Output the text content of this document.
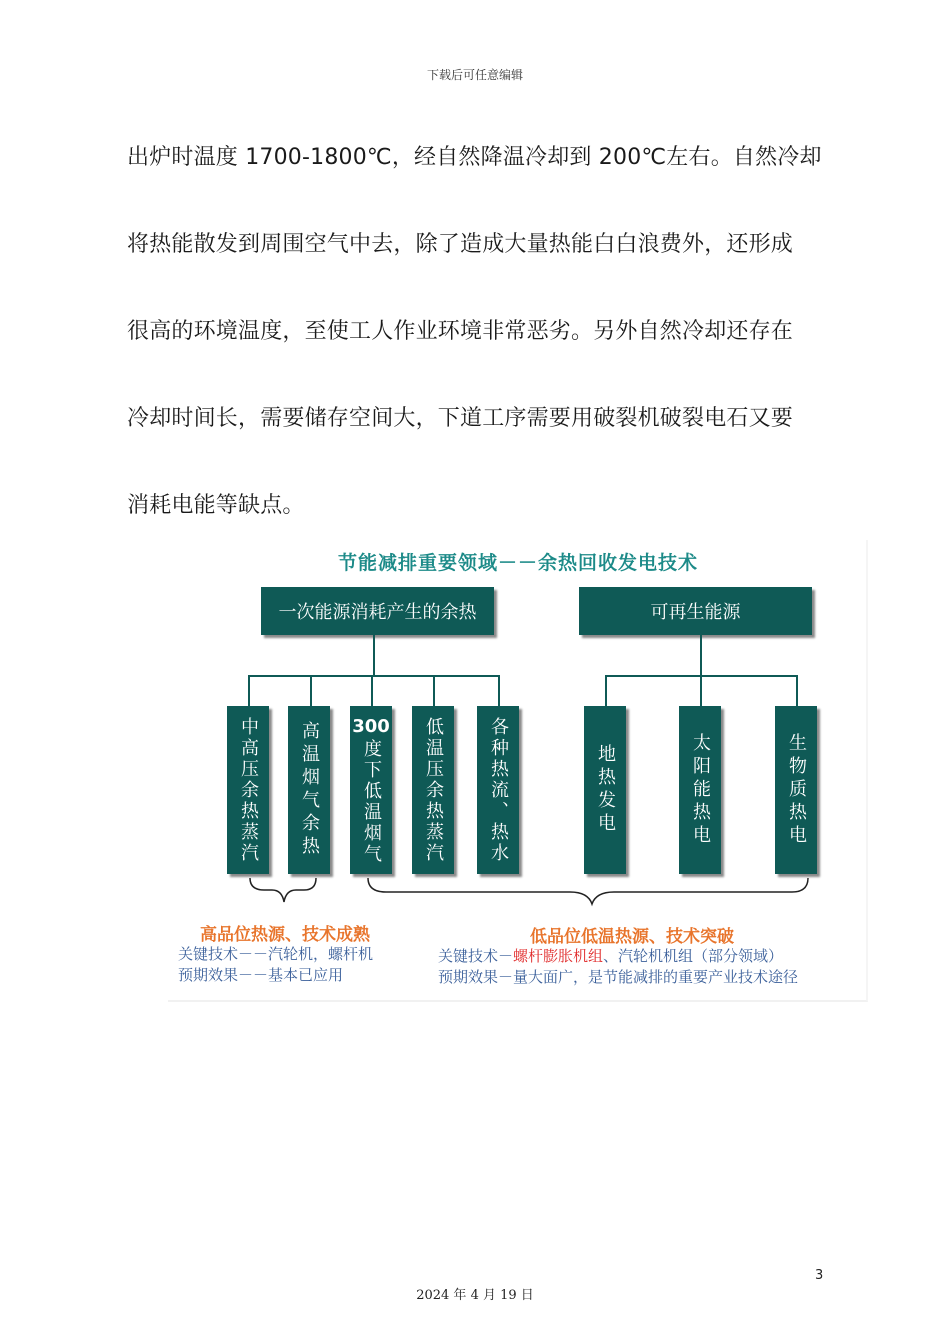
下载后可任意编辑
出炉时温度 1700-1800℃，经自然降温冷却到 200℃左右。自然冷却
将热能散发到周围空气中去，除了造成大量热能白白浪费外，还形成
很高的环境温度，至使工人作业环境非常恶劣。另外自然冷却还存在
冷却时间长，需要储存空间大，下道工序需要用破裂机破裂电石又要
消耗电能等缺点。
节能减排重要领域－－余热回收发电技术
一次能源消耗产生的余热	可再生能源
中高压余热蒸汽 高温烟气余热 300
度下低温烟气 低温压余热蒸汽 各种热流、热水	地热发电	太阳能热电	生物质热电
高品位热源、技术成熟
关键技术－－汽轮机，螺杆机
预期效果－－基本已应用
低品位低温热源、技术突破
关键技术－螺杆膨胀机组、汽轮机机组（部分领域）
预期效果－量大面广，是节能减排的重要产业技术途径
3
2024 年 4 月 19 日
